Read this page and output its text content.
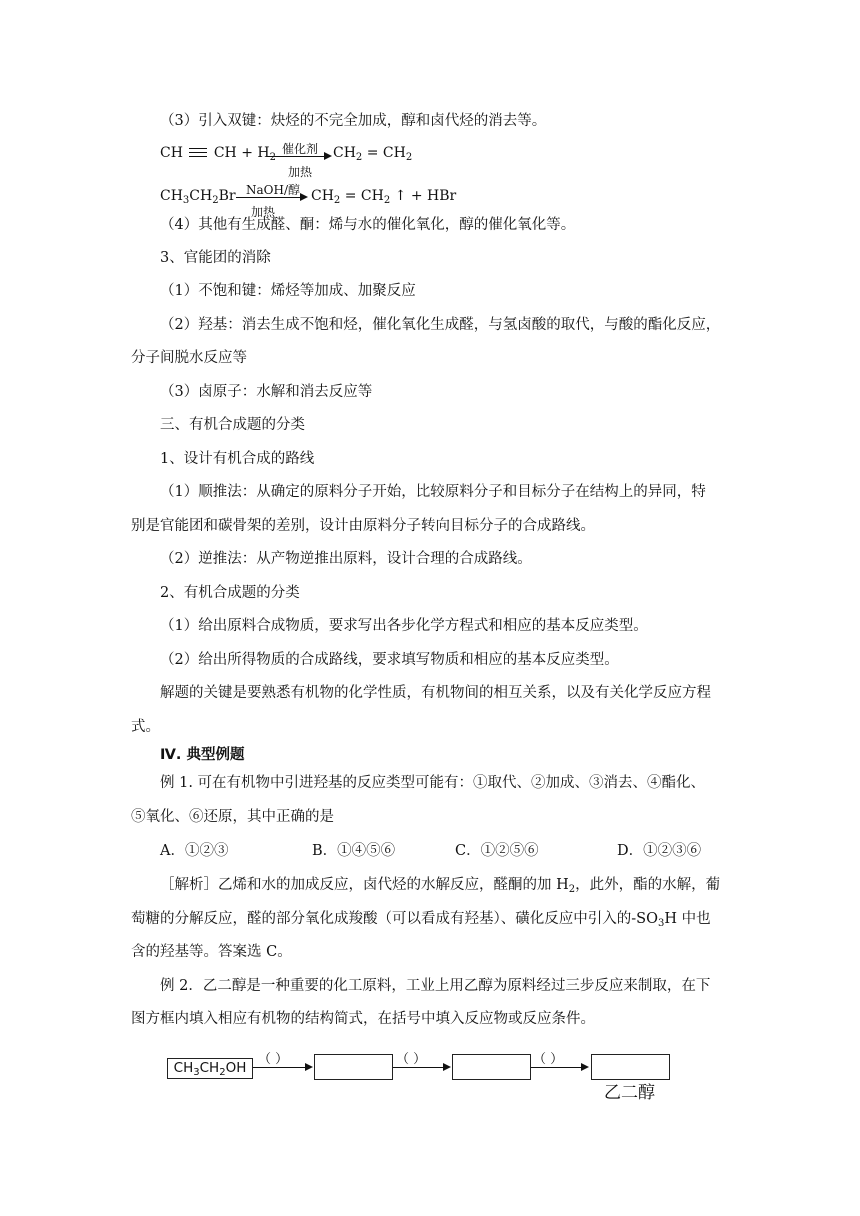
（3）引入双键：炔烃的不完全加成，醇和卤代烃的消去等。
CH CH + $H_2$
催化剂
加热
$CH_2 = CH_2$
$CH_3CH_2Br$ NaOH/醇
加热
$CH_2 = CH_2$ ↑ + HBr
（4）其他有生成醛、酮：烯与水的催化氧化，醇的催化氧化等。
3、官能团的消除
（1）不饱和键：烯烃等加成、加聚反应
（2）羟基：消去生成不饱和烃，催化氧化生成醛，与氢卤酸的取代，与酸的酯化反应，
分子间脱水反应等
（3）卤原子：水解和消去反应等
三、有机合成题的分类
1、设计有机合成的路线
（1）顺推法：从确定的原料分子开始，比较原料分子和目标分子在结构上的异同，特
别是官能团和碳骨架的差别，设计由原料分子转向目标分子的合成路线。
（2）逆推法：从产物逆推出原料，设计合理的合成路线。
2、有机合成题的分类
（1）给出原料合成物质，要求写出各步化学方程式和相应的基本反应类型。
（2）给出所得物质的合成路线，要求填写物质和相应的基本反应类型。
解题的关键是要熟悉有机物的化学性质，有机物间的相互关系，以及有关化学反应方程
式。
Ⅳ. 典型例题
例 1. 可在有机物中引进羟基的反应类型可能有：①取代、②加成、③消去、④酯化、
⑤氧化、⑥还原，其中正确的是
A．①②③	B．①④⑤⑥	C．①②⑤⑥	D．①②③⑥
［解析］乙烯和水的加成反应，卤代烃的水解反应，醛酮的加 $H_2$，此外，酯的水解，葡
萄糖的分解反应，醛的部分氧化成羧酸（可以看成有羟基）、磺化反应中引入的$-SO_3H$ 中也
含的羟基等。答案选 C。
例 2．乙二醇是一种重要的化工原料，工业上用乙醇为原料经过三步反应来制取，在下
图方框内填入相应有机物的结构简式，在括号中填入反应物或反应条件。
$CH_3CH_2OH$
（ ）	（ ）	（ ）
乙二醇
